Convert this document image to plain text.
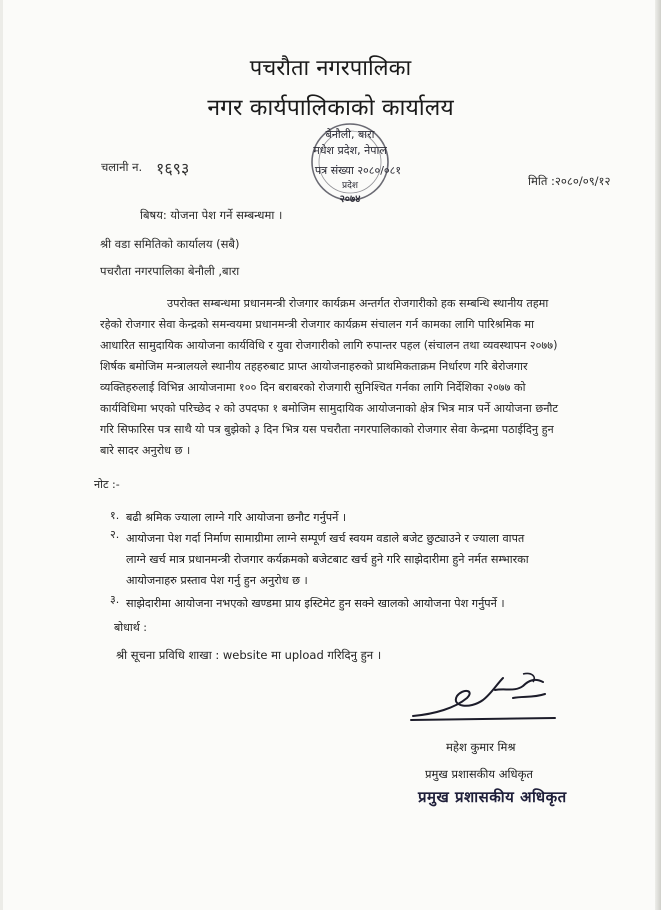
पचरौता नगरपालिका
नगर कार्यपालिकाको कार्यालय
बेनौली, बारा
मधेश प्रदेश, नेपाल
पत्र संख्या २०८०/०८१
प्रदेश
२०७४
चलानी न. १६९३
मिति :२०८०/०९/१२
बिषय: योजना पेश गर्ने सम्बन्धमा ।
श्री वडा समितिको कार्यालय (सबै)
पचरौता नगरपालिका बेनौली ,बारा
उपरोक्त सम्बन्धमा प्रधानमन्त्री रोजगार कार्यक्रम अन्तर्गत रोजगारीको हक सम्बन्धि स्थानीय तहमा
रहेको रोजगार सेवा केन्द्रको समन्वयमा प्रधानमन्त्री रोजगार कार्यक्रम संचालन गर्न कामका लागि पारिश्रमिक मा
आधारित सामुदायिक आयोजना कार्यविधि र युवा रोजगारीको लागि रुपान्तर पहल (संचालन तथा व्यवस्थापन २०७७)
शिर्षक बमोजिम मन्त्रालयले स्थानीय तहहरुबाट प्राप्त आयोजनाहरुको प्राथमिकताक्रम निर्धारण गरि बेरोजगार
व्यक्तिहरुलाई विभिन्न आयोजनामा १०० दिन बराबरको रोजगारी सुनिश्चित गर्नका लागि निर्देशिका २०७७ को
कार्यविधिमा भएको परिच्छेद २ को उपदफा १ बमोजिम सामुदायिक आयोजनाको क्षेत्र भित्र मात्र पर्ने आयोजना छनौट
गरि सिफारिस पत्र साथै यो पत्र बुझेको ३ दिन भित्र यस पचरौता नगरपालिकाको रोजगार सेवा केन्द्रमा पठाईदिनु हुन
बारे सादर अनुरोध छ ।
नोट :-
१. बढी श्रमिक ज्याला लाग्ने गरि आयोजना छनौट गर्नुपर्ने ।
२. आयोजना पेश गर्दा निर्माण सामाग्रीमा लाग्ने सम्पूर्ण खर्च स्वयम वडाले बजेट छुट्याउने र ज्याला वापत
लाग्ने खर्च मात्र प्रधानमन्त्री रोजगार कर्यक्रमको बजेटबाट खर्च हुने गरि साझेदारीमा हुने नर्मत सम्भारका
आयोजनाहरु प्रस्ताव पेश गर्नु हुन अनुरोध छ ।
३. साझेदारीमा आयोजना नभएको खण्डमा प्राय इस्टिमेट हुन सक्ने खालको आयोजना पेश गर्नुपर्ने ।
बोधार्थ :
श्री सूचना प्रविधि शाखा : website मा upload गरिदिनु हुन ।
महेश कुमार मिश्र
प्रमुख प्रशासकीय अधिकृत
प्रमुख प्रशासकीय अधिकृत
